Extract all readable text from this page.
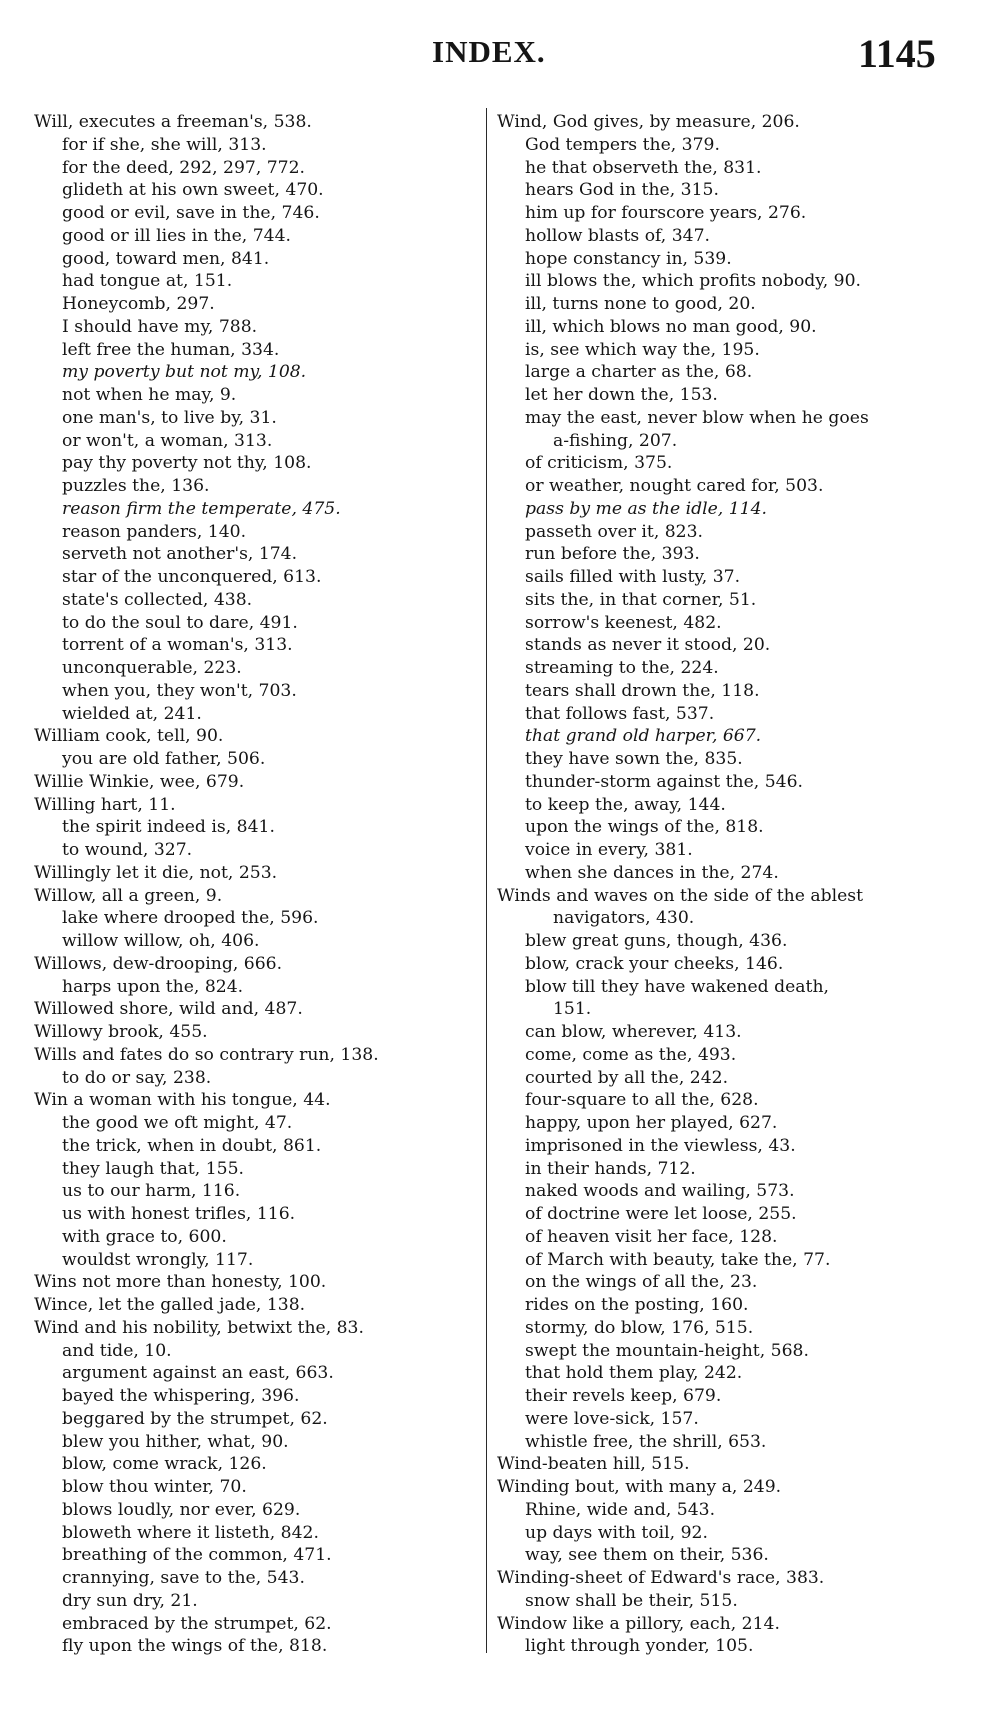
INDEX.	1145

Will, executes a freeman's, 538.

for if she, she will, 313.

for the deed, 292, 297, 772.

glideth at his own sweet, 470.

good or evil, save in the, 746.

good or ill lies in the, 744.

good, toward men, 841.

had tongue at, 151.

Honeycomb, 297.

I should have my, 788.

left free the human, 334.

my poverty but not my, 108.

not when he may, 9.

one man's, to live by, 31.

or won't, a woman, 313.

pay thy poverty not thy, 108.

puzzles the, 136.

reason firm the temperate, 475.

reason panders, 140.

serveth not another's, 174.

star of the unconquered, 613.

state's collected, 438.

to do the soul to dare, 491.

torrent of a woman's, 313.

unconquerable, 223.

when you, they won't, 703.

wielded at, 241.

William cook, tell, 90.

you are old father, 506.

Willie Winkie, wee, 679.

Willing hart, 11.

the spirit indeed is, 841.

to wound, 327.

Willingly let it die, not, 253.

Willow, all a green, 9.

lake where drooped the, 596.

willow willow, oh, 406.

Willows, dew-drooping, 666.

harps upon the, 824.

Willowed shore, wild and, 487.

Willowy brook, 455.

Wills and fates do so contrary run, 138.

to do or say, 238.

Win a woman with his tongue, 44.

the good we oft might, 47.

the trick, when in doubt, 861.

they laugh that, 155.

us to our harm, 116.

us with honest trifles, 116.

with grace to, 600.

wouldst wrongly, 117.

Wins not more than honesty, 100.

Wince, let the galled jade, 138.

Wind and his nobility, betwixt the, 83.

and tide, 10.

argument against an east, 663.

bayed the whispering, 396.

beggared by the strumpet, 62.

blew you hither, what, 90.

blow, come wrack, 126.

blow thou winter, 70.

blows loudly, nor ever, 629.

bloweth where it listeth, 842.

breathing of the common, 471.

crannying, save to the, 543.

dry sun dry, 21.

embraced by the strumpet, 62.

fly upon the wings of the, 818.

Wind, God gives, by measure, 206.

God tempers the, 379.

he that observeth the, 831.

hears God in the, 315.

him up for fourscore years, 276.

hollow blasts of, 347.

hope constancy in, 539.

ill blows the, which profits nobody, 90.

ill, turns none to good, 20.

ill, which blows no man good, 90.

is, see which way the, 195.

large a charter as the, 68.

let her down the, 153.

may the east, never blow when he goes

a-fishing, 207.

of criticism, 375.

or weather, nought cared for, 503.

pass by me as the idle, 114.

passeth over it, 823.

run before the, 393.

sails filled with lusty, 37.

sits the, in that corner, 51.

sorrow's keenest, 482.

stands as never it stood, 20.

streaming to the, 224.

tears shall drown the, 118.

that follows fast, 537.

that grand old harper, 667.

they have sown the, 835.

thunder-storm against the, 546.

to keep the, away, 144.

upon the wings of the, 818.

voice in every, 381.

when she dances in the, 274.

Winds and waves on the side of the ablest

navigators, 430.

blew great guns, though, 436.

blow, crack your cheeks, 146.

blow till they have wakened death,

151.

can blow, wherever, 413.

come, come as the, 493.

courted by all the, 242.

four-square to all the, 628.

happy, upon her played, 627.

imprisoned in the viewless, 43.

in their hands, 712.

naked woods and wailing, 573.

of doctrine were let loose, 255.

of heaven visit her face, 128.

of March with beauty, take the, 77.

on the wings of all the, 23.

rides on the posting, 160.

stormy, do blow, 176, 515.

swept the mountain-height, 568.

that hold them play, 242.

their revels keep, 679.

were love-sick, 157.

whistle free, the shrill, 653.

Wind-beaten hill, 515.

Winding bout, with many a, 249.

Rhine, wide and, 543.

up days with toil, 92.

way, see them on their, 536.

Winding-sheet of Edward's race, 383.

snow shall be their, 515.

Window like a pillory, each, 214.

light through yonder, 105.
